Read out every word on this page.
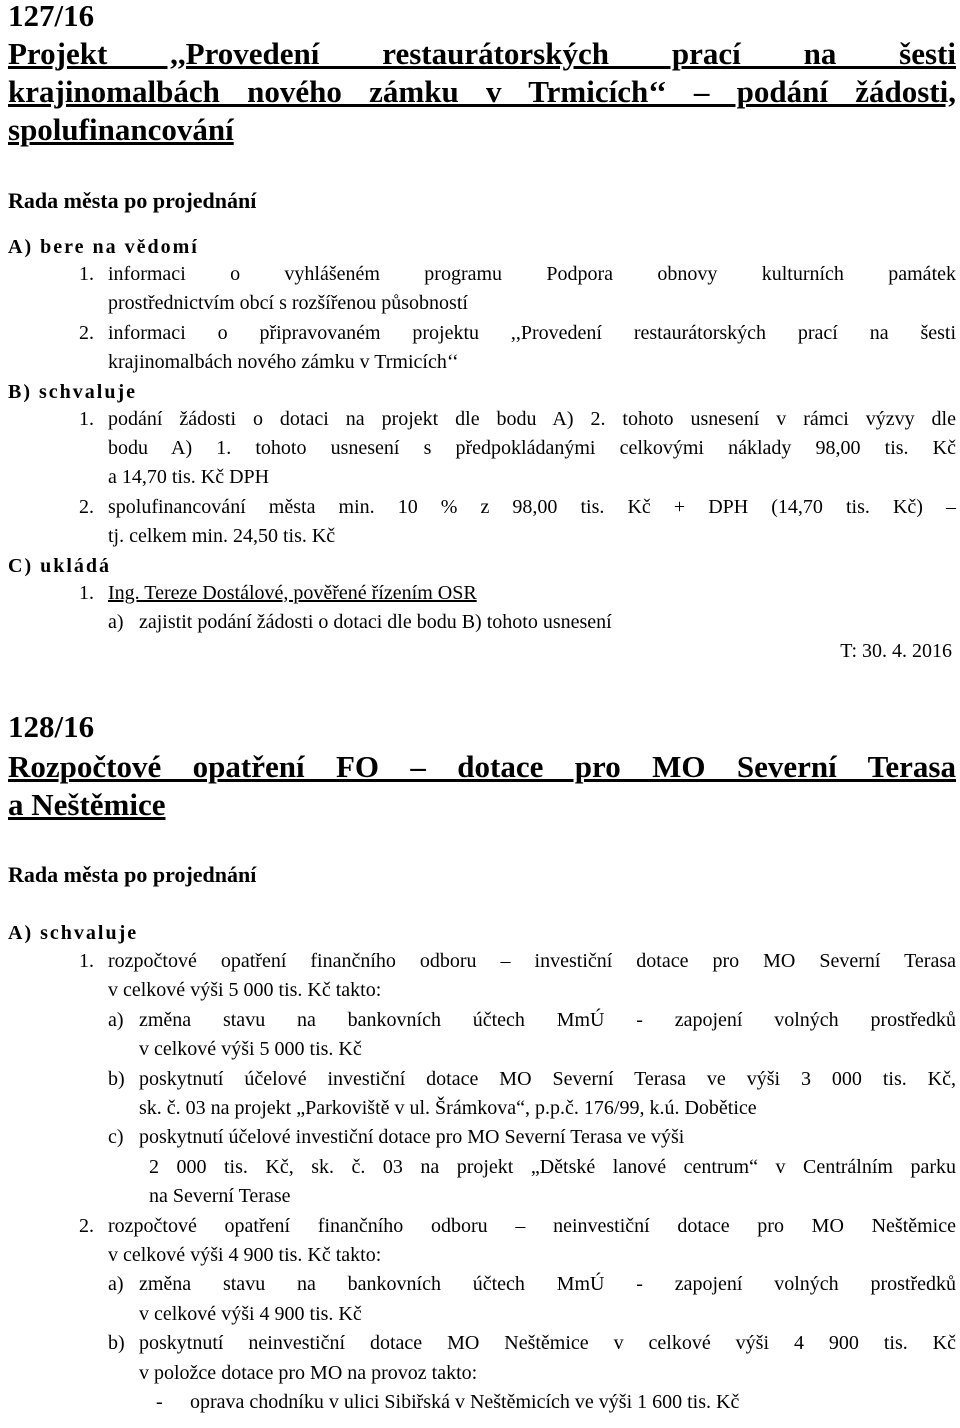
127/16

Projekt ,,Provedení restaurátorských prací na šesti
krajinomalbách nového zámku v Trmicích‘‘ – podání žádosti,
spolufinancování

Rada města po projednání

A) bere na vědomí
1. informaci o vyhlášeném programu Podpora obnovy kulturních památek
prostřednictvím obcí s rozšířenou působností
2. informaci o připravovaném projektu ,,Provedení restaurátorských prací na šesti
krajinomalbách nového zámku v Trmicích‘‘
B) schvaluje
1. podání žádosti o dotaci na projekt dle bodu A) 2. tohoto usnesení v rámci výzvy dle
bodu A) 1. tohoto usnesení s předpokládanými celkovými náklady 98,00 tis. Kč
a 14,70 tis. Kč DPH
2. spolufinancování města min. 10 % z 98,00 tis. Kč + DPH (14,70 tis. Kč) –
tj. celkem min. 24,50 tis. Kč
C) ukládá
1. Ing. Tereze Dostálové, pověřené řízením OSR
a) zajistit podání žádosti o dotaci dle bodu B) tohoto usnesení
T: 30. 4. 2016

128/16

Rozpočtové opatření FO – dotace pro MO Severní Terasa
a Neštěmice

Rada města po projednání

A) schvaluje
1. rozpočtové opatření finančního odboru – investiční dotace pro MO Severní Terasa
v celkové výši 5 000 tis. Kč takto:
a) změna stavu na bankovních účtech MmÚ - zapojení volných prostředků
v celkové výši 5 000 tis. Kč
b) poskytnutí účelové investiční dotace MO Severní Terasa ve výši 3 000 tis. Kč,
sk. č. 03 na projekt „Parkoviště v ul. Šrámkova“, p.p.č. 176/99, k.ú. Dobětice
c) poskytnutí účelové investiční dotace pro MO Severní Terasa ve výši
2 000 tis. Kč, sk. č. 03 na projekt „Dětské lanové centrum“ v Centrálním parku
na Severní Terase
2. rozpočtové opatření finančního odboru – neinvestiční dotace pro MO Neštěmice
v celkové výši 4 900 tis. Kč takto:
a) změna stavu na bankovních účtech MmÚ - zapojení volných prostředků
v celkové výši 4 900 tis. Kč
b) poskytnutí neinvestiční dotace MO Neštěmice v celkové výši 4 900 tis. Kč
v položce dotace pro MO na provoz takto:
- oprava chodníku v ulici Sibiřská v Neštěmicích ve výši 1 600 tis. Kč
